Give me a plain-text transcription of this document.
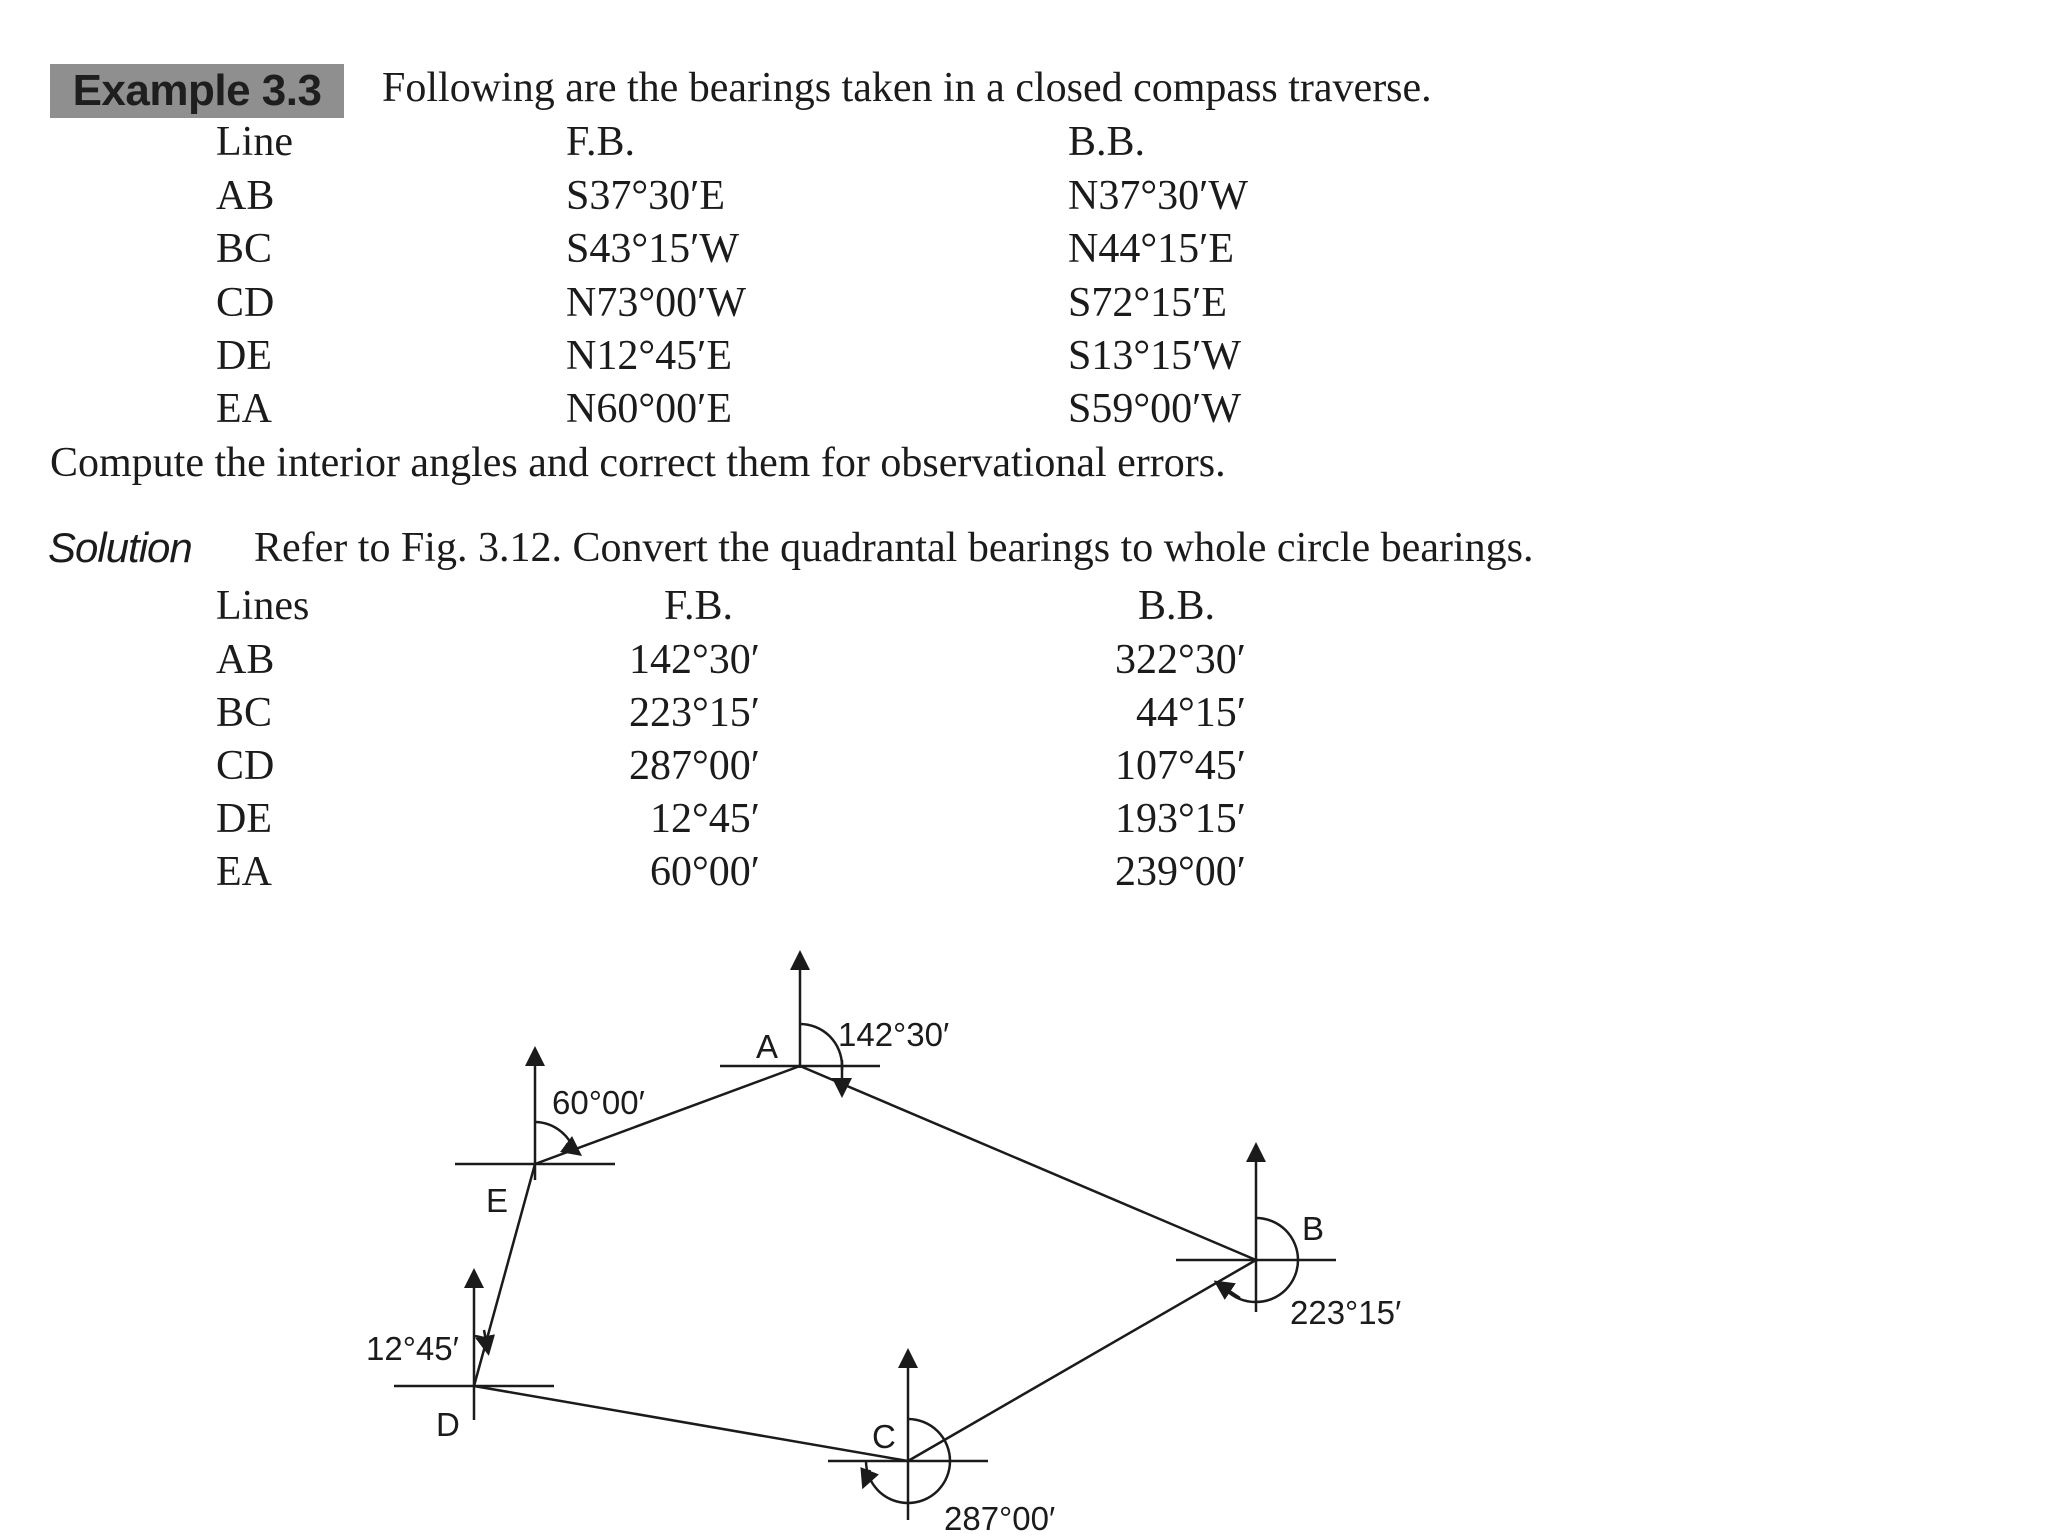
Example 3.3	Following are the bearings taken in a closed compass traverse.
Line	F.B.	B.B.
AB	S37°30′E	N37°30′W
BC	S43°15′W	N44°15′E
CD	N73°00′W	S72°15′E
DE	N12°45′E	S13°15′W
EA	N60°00′E	S59°00′W
Compute the interior angles and correct them for observational errors.
Solution Refer to Fig. 3.12. Convert the quadrantal bearings to whole circle bearings.
Lines	F.B.	B.B.
AB	142°30′	322°30′
BC	223°15′	44°15′
CD	287°00′	107°45′
DE	12°45′	193°15′
EA	60°00′	239°00′
A
B
C
D
E
142°30′
223°15′
287°00′
12°45′
60°00′
